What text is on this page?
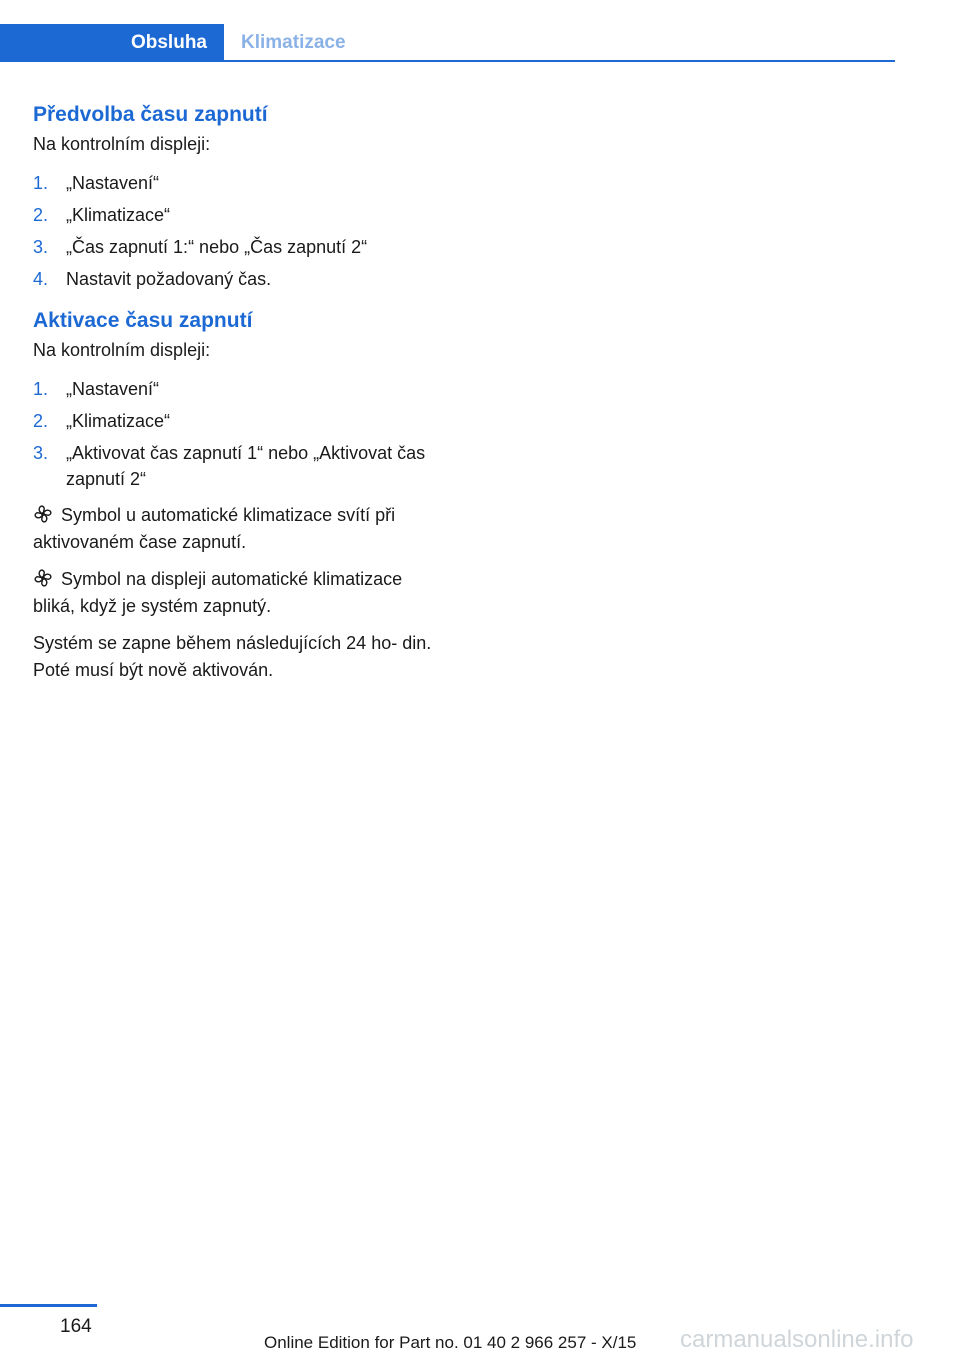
Obsluha	Klimatizace
Předvolba času zapnutí

Na kontrolním displeji:

1. „Nastavení“
2. „Klimatizace“
3. „Čas zapnutí 1:“ nebo „Čas zapnutí 2“
4. Nastavit požadovaný čas.
Aktivace času zapnutí

Na kontrolním displeji:

1. „Nastavení“
2. „Klimatizace“
3. „Aktivovat čas zapnutí 1“ nebo „Aktivovat čas zapnutí 2“

Symbol u automatické klimatizace svítí při aktivovaném čase zapnutí.

Symbol na displeji automatické klimatizace bliká, když je systém zapnutý.

Systém se zapne během následujících 24 ho‐ din. Poté musí být nově aktivován.

164
Online Edition for Part no. 01 40 2 966 257 - X/15 carmanualsonline.info
